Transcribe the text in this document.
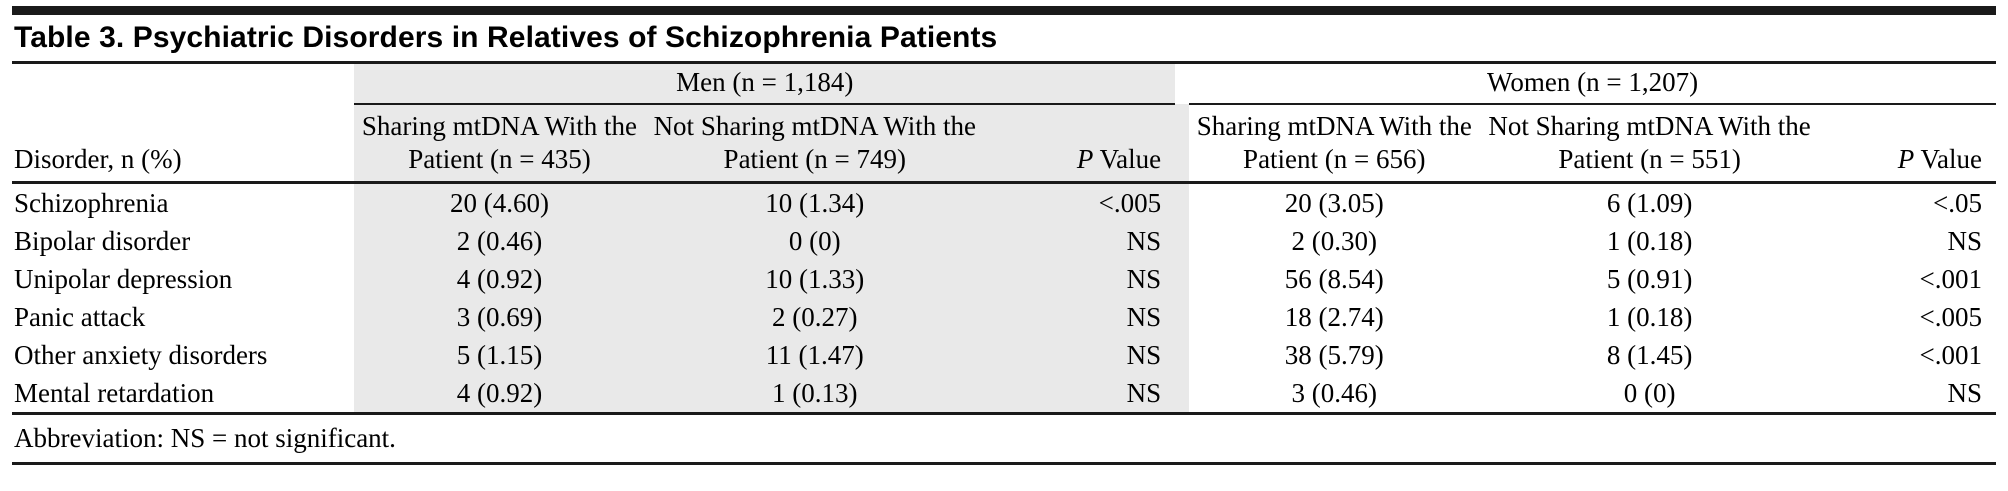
Table 3. Psychiatric Disorders in Relatives of Schizophrenia Patients
	Men (n = 1,184)				Women (n = 1,207)		
Disorder, n (%)	Sharing mtDNA With the Patient (n = 435)	Not Sharing mtDNA With the Patient (n = 749)	P Value		Sharing mtDNA With the Patient (n = 656)	Not Sharing mtDNA With the Patient (n = 551)	P Value

Schizophrenia	20 (4.60)	10 (1.34)	<.005		20 (3.05)	6 (1.09)	<.05
Bipolar disorder	2 (0.46)	0 (0)	NS		2 (0.30)	1 (0.18)	NS
Unipolar depression	4 (0.92)	10 (1.33)	NS		56 (8.54)	5 (0.91)	<.001
Panic attack	3 (0.69)	2 (0.27)	NS		18 (2.74)	1 (0.18)	<.005
Other anxiety disorders	5 (1.15)	11 (1.47)	NS		38 (5.79)	8 (1.45)	<.001
Mental retardation	4 (0.92)	1 (0.13)	NS		3 (0.46)	0 (0)	NS
Abbreviation: NS = not significant.
